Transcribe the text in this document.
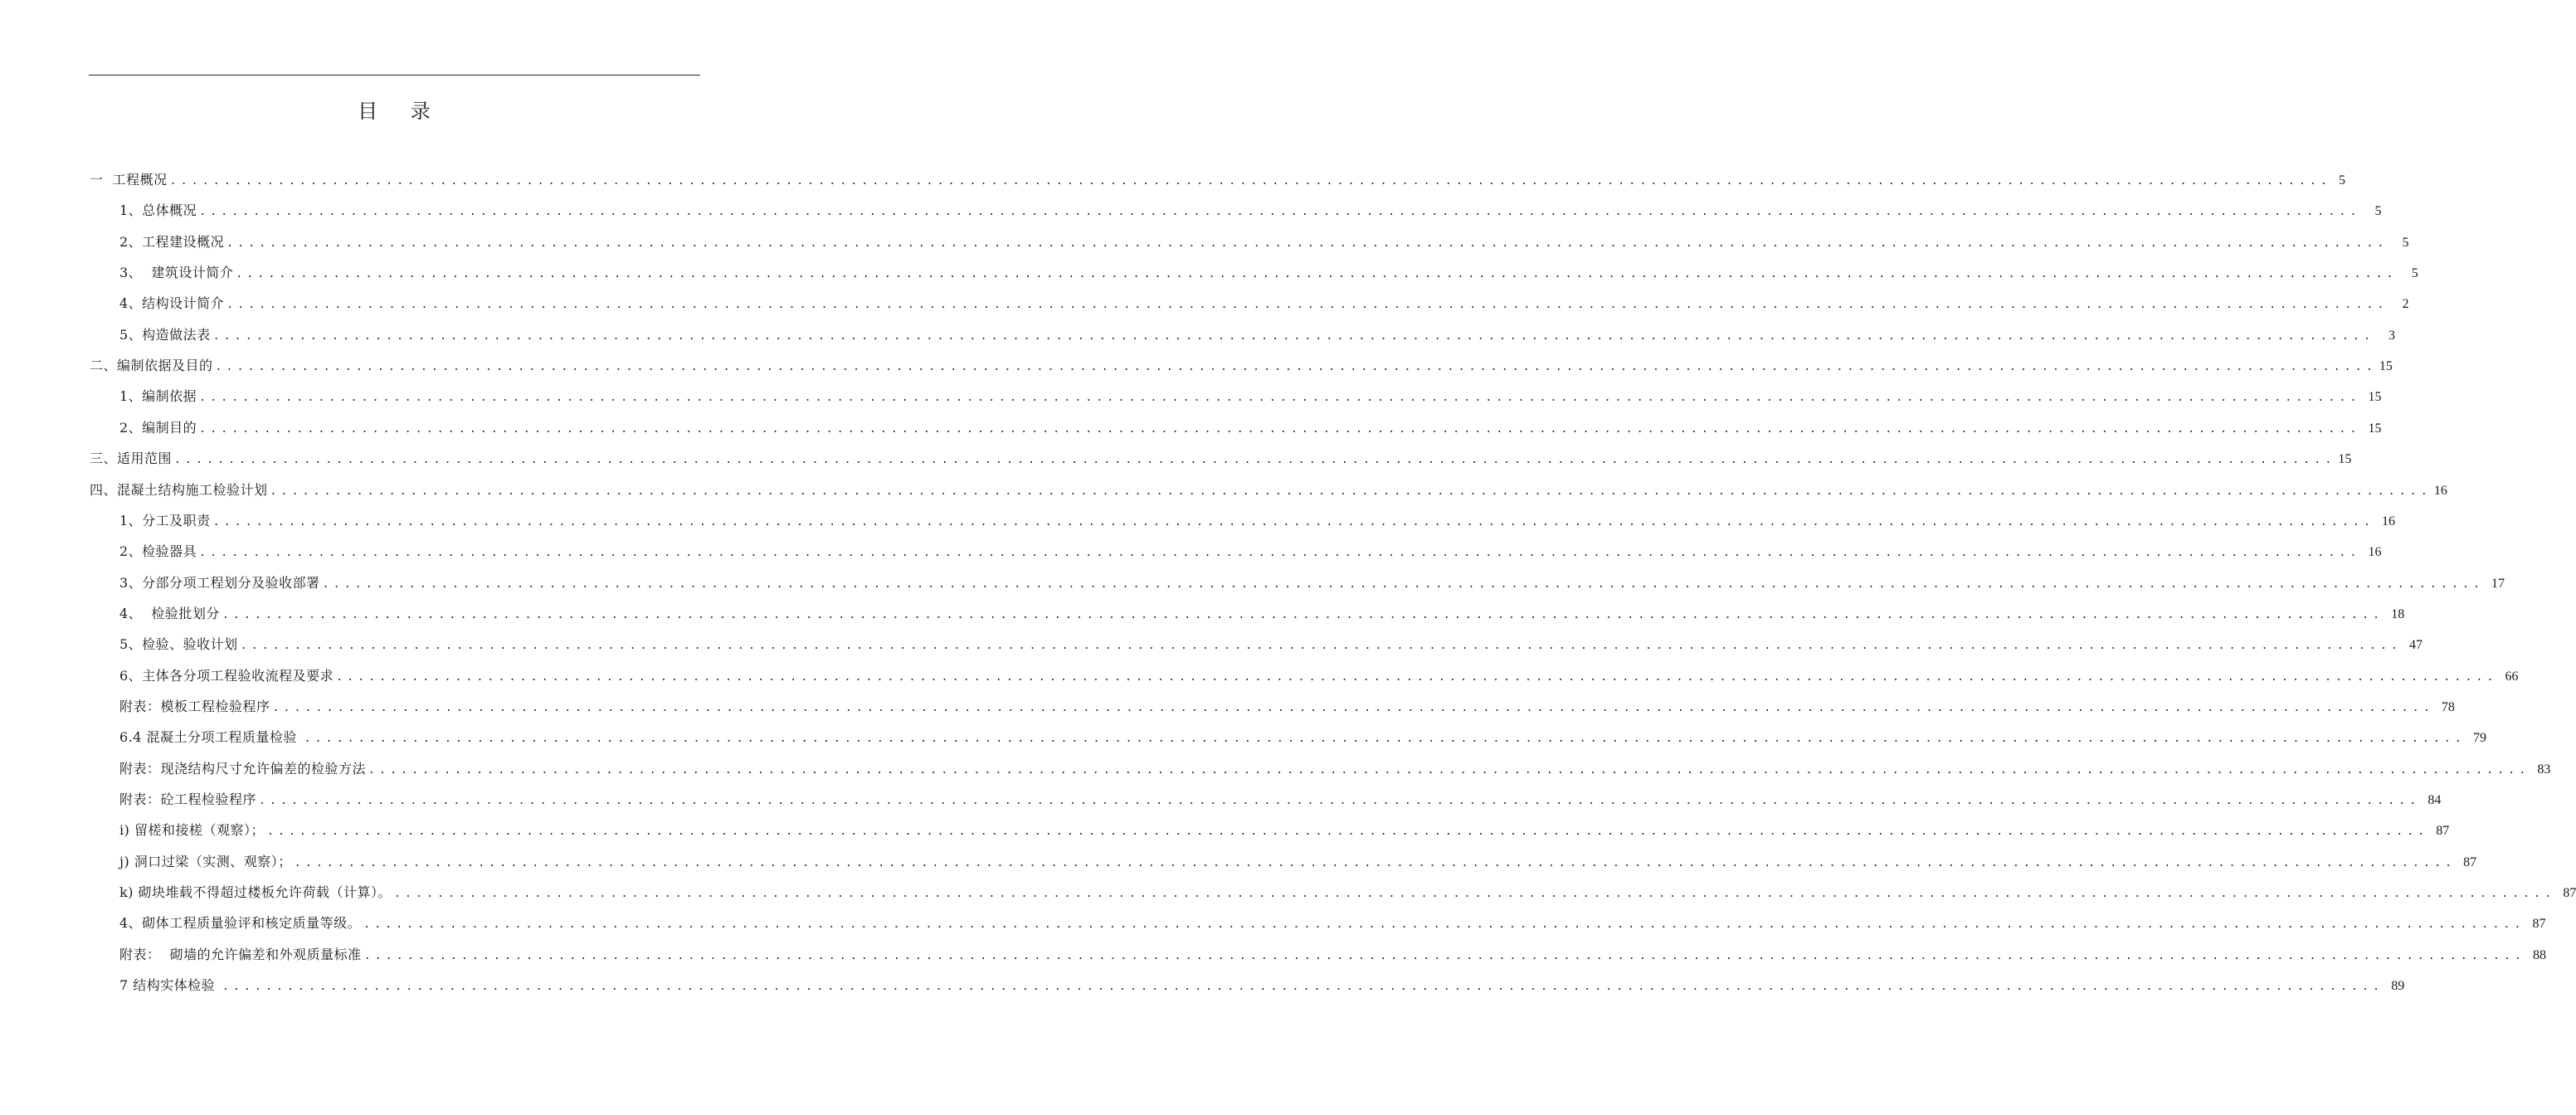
目 录
一  工程概况 ........................................................................................................................................................................................................ 5
1、总体概况 ........................................................................................................................................................................................................	5
2、工程建设概况 ........................................................................................................................................................................................................	5
3、  建筑设计简介 ........................................................................................................................................................................................................	5
4、结构设计简介 ........................................................................................................................................................................................................	2
5、构造做法表 ........................................................................................................................................................................................................	3
二、编制依据及目的 ........................................................................................................................................................................................................ 15
1、编制依据 ........................................................................................................................................................................................................ 15
2、编制目的 ........................................................................................................................................................................................................ 15
三、适用范围 ........................................................................................................................................................................................................ 15
四、混凝土结构施工检验计划 ........................................................................................................................................................................................................ 16
1、分工及职责 ........................................................................................................................................................................................................ 16
2、检验器具 ........................................................................................................................................................................................................ 16
3、分部分项工程划分及验收部署 ........................................................................................................................................................................................................ 17
4、  检验批划分 ........................................................................................................................................................................................................ 18
5、检验、验收计划 ........................................................................................................................................................................................................ 47
6、主体各分项工程验收流程及要求 ........................................................................................................................................................................................................ 66
附表：模板工程检验程序 ........................................................................................................................................................................................................ 78
6.4 混凝土分项工程质量检验 ........................................................................................................................................................................................................ 79
附表：现浇结构尺寸允许偏差的检验方法 ........................................................................................................................................................................................................ 83
附表：砼工程检验程序 ........................................................................................................................................................................................................ 84
i) 留槎和接槎（观察）； ........................................................................................................................................................................................................ 87
j) 洞口过梁（实测、观察）； ........................................................................................................................................................................................................ 87
k) 砌块堆载不得超过楼板允许荷载（计算）。 ........................................................................................................................................................................................................ 87
4、砌体工程质量验评和核定质量等级。 ........................................................................................................................................................................................................ 87
附表：  砌墙的允许偏差和外观质量标准 ........................................................................................................................................................................................................ 88
7 结构实体检验 ........................................................................................................................................................................................................ 89
